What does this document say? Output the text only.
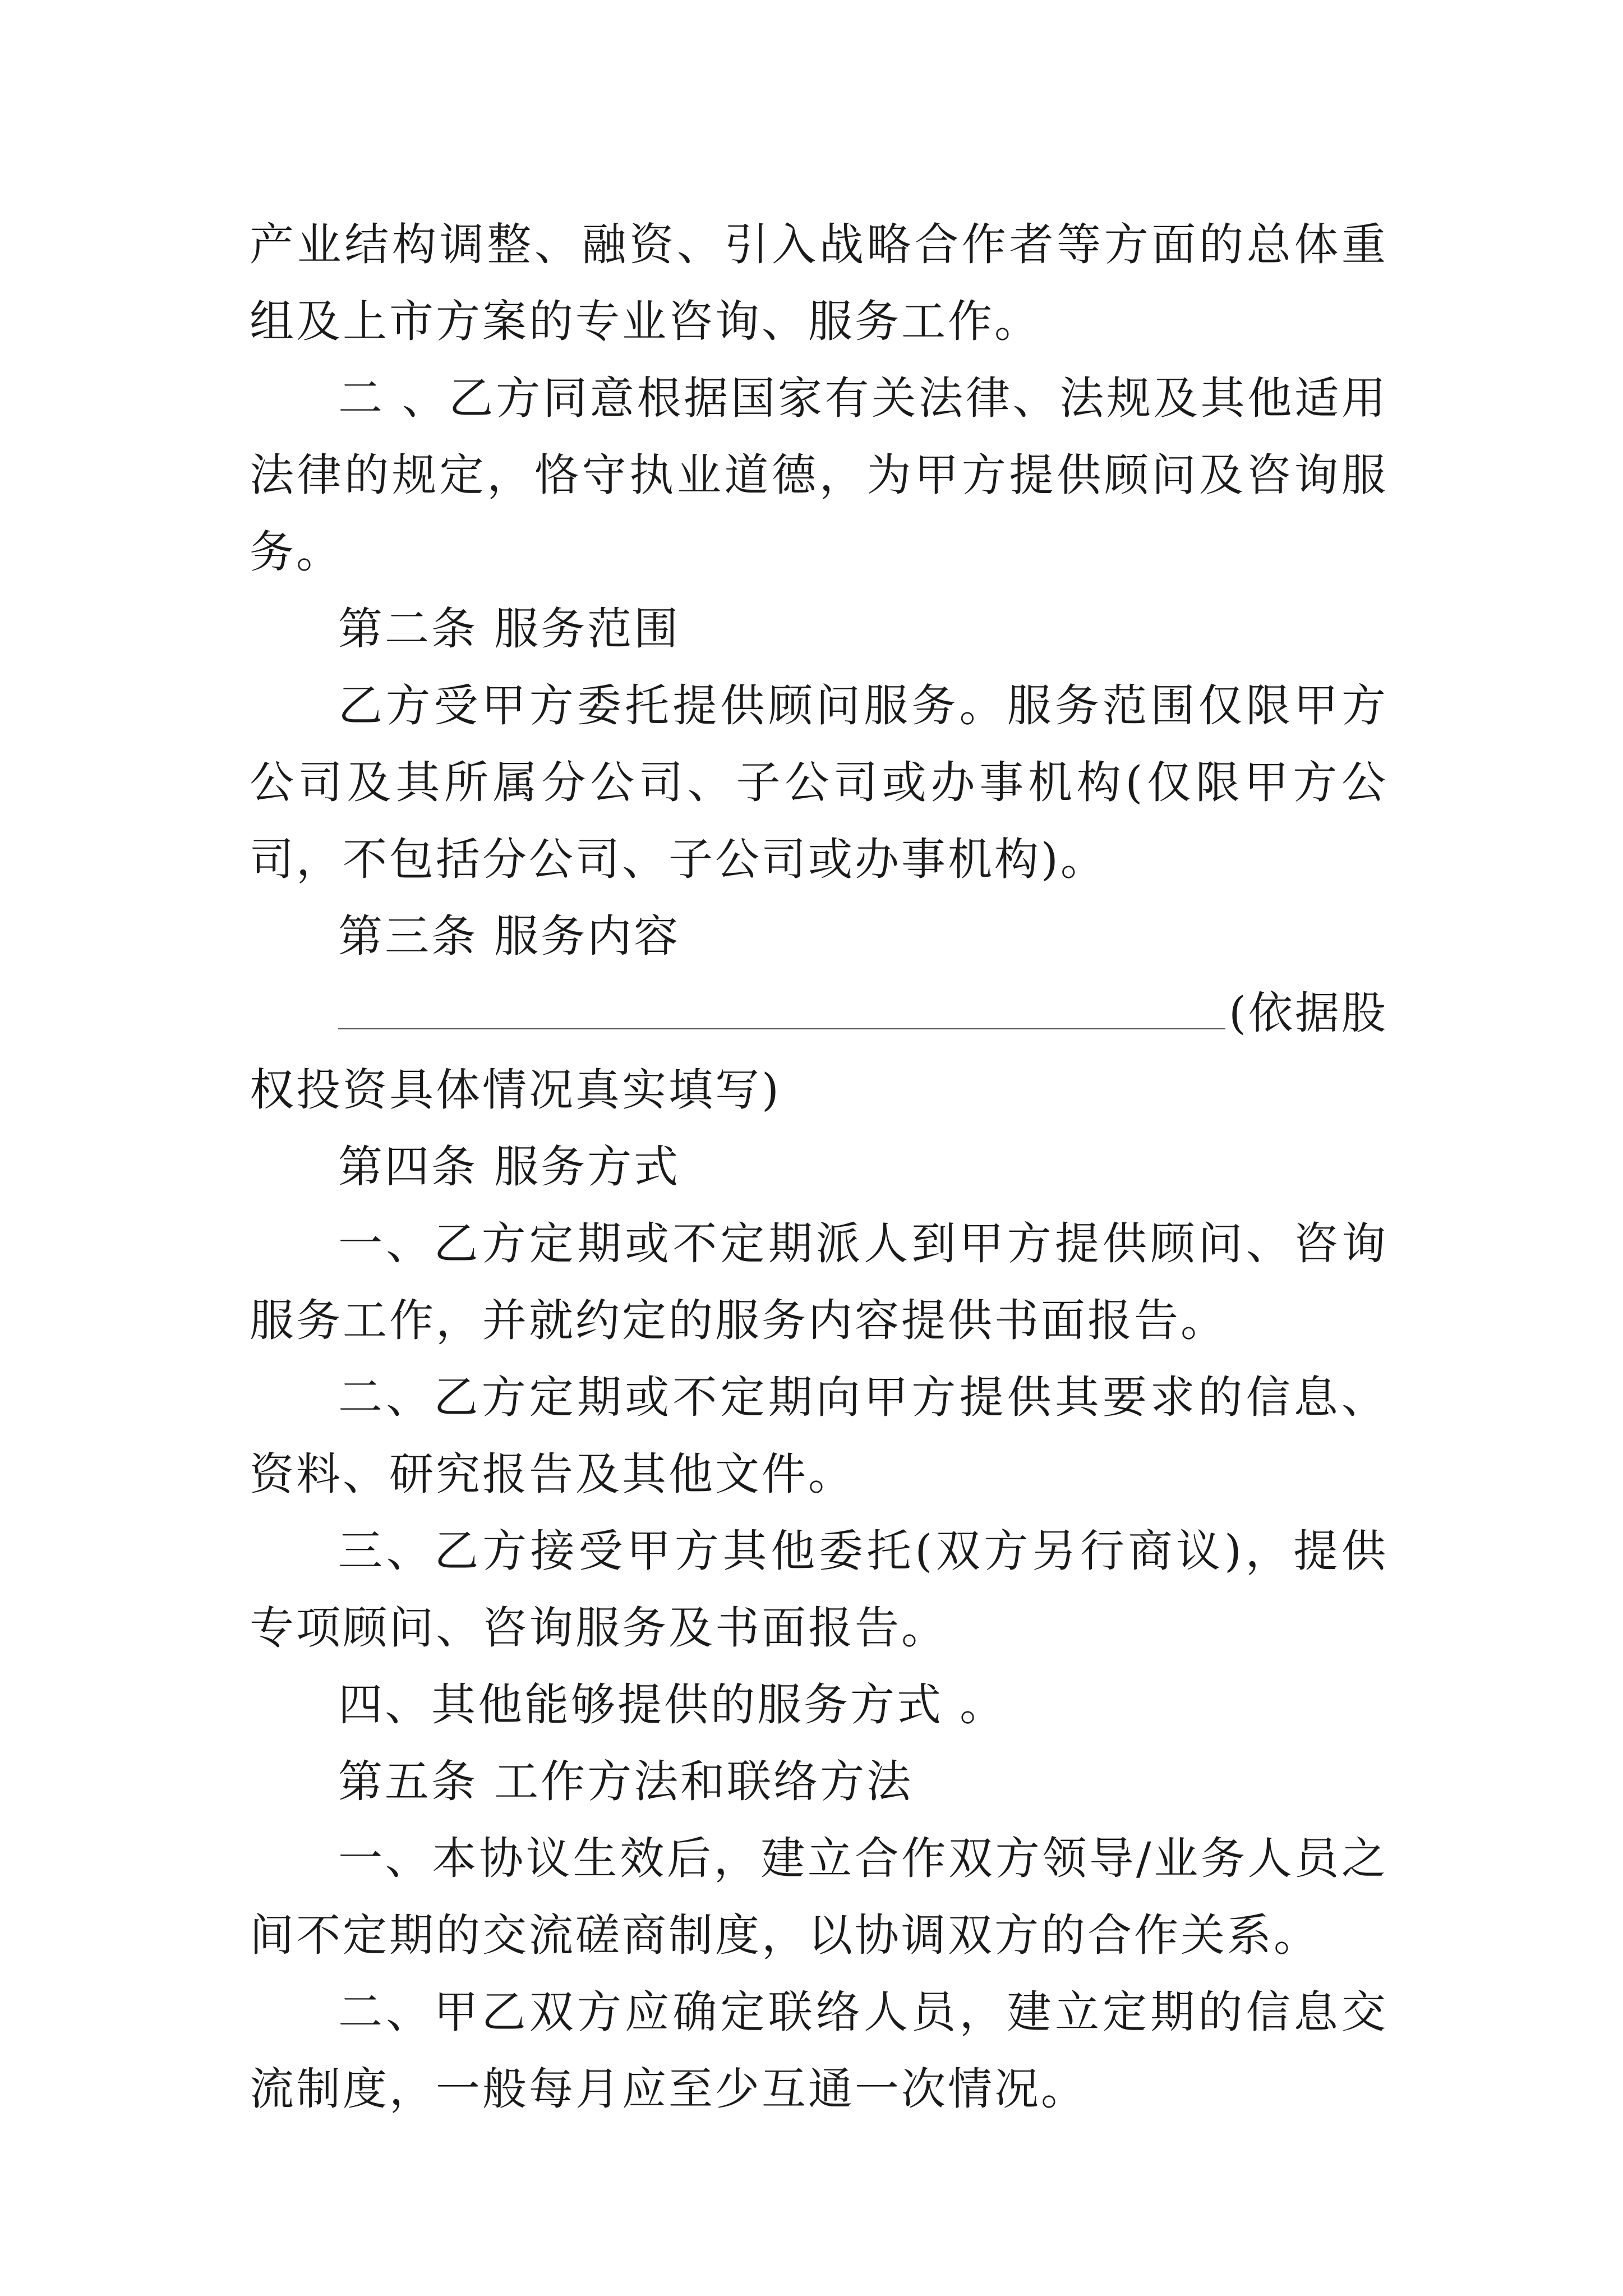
产业结构调整、融资、引入战略合作者等方面的总体重组及上市方案的专业咨询、服务工作。

二 、乙方同意根据国家有关法律、法规及其他适用法律的规定，恪守执业道德，为甲方提供顾问及咨询服务。

第二条 服务范围

乙方受甲方委托提供顾问服务。服务范围仅限甲方公司及其所属分公司、子公司或办事机构(仅限甲方公司，不包括分公司、子公司或办事机构)。

第三条 服务内容

(依据股

权投资具体情况真实填写)

第四条 服务方式

一、乙方定期或不定期派人到甲方提供顾问、咨询服务工作，并就约定的服务内容提供书面报告。

二、乙方定期或不定期向甲方提供其要求的信息、资料、研究报告及其他文件。

三、乙方接受甲方其他委托(双方另行商议)，提供专项顾问、咨询服务及书面报告。

四、其他能够提供的服务方式 。

第五条 工作方法和联络方法

一、本协议生效后，建立合作双方领导/业务人员之间不定期的交流磋商制度，以协调双方的合作关系。

二、甲乙双方应确定联络人员，建立定期的信息交流制度，一般每月应至少互通一次情况。
